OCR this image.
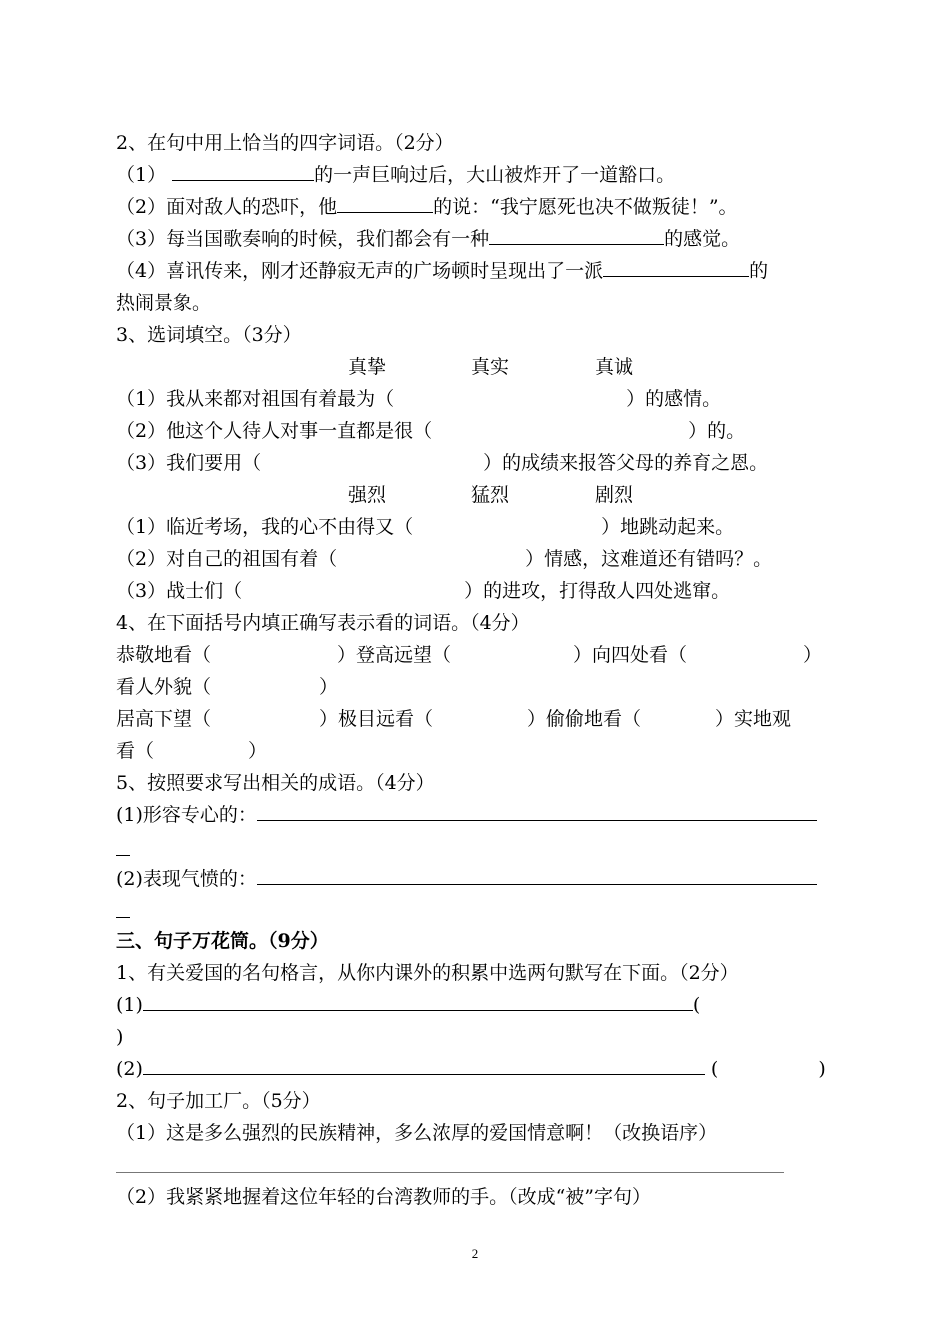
2、在句中用上恰当的四字词语。（2分）
（1）	的一声巨响过后，大山被炸开了一道豁口。
（2）面对敌人的恐吓，他	的说：“我宁愿死也决不做叛徒！”。
（3）每当国歌奏响的时候，我们都会有一种	的感觉。
（4）喜讯传来，刚才还静寂无声的广场顿时呈现出了一派	的
热闹景象。
3、选词填空。（3分）
真挚	真实	真诚
（1）我从来都对祖国有着最为（	）的感情。
（2）他这个人待人对事一直都是很（	）的。
（3）我们要用（	）的成绩来报答父母的养育之恩。
强烈	猛烈	剧烈
（1）临近考场，我的心不由得又（	）地跳动起来。
（2）对自己的祖国有着（	）情感，这难道还有错吗？。
（3）战士们（	）的进攻，打得敌人四处逃窜。
4、在下面括号内填正确写表示看的词语。（4分）
恭敬地看（	）登高远望（	）向四处看（	）
看人外貌（	）
居高下望（	）极目远看（	）偷偷地看（	）实地观
看（	）
5、按照要求写出相关的成语。（4分）
(1)形容专心的：
(2)表现气愤的：
三、句子万花筒。（9分）
1、有关爱国的名句格言，从你内课外的积累中选两句默写在下面。（2分）
(1)	(
)
(2)	(	)
2、句子加工厂。（5分）
（1）这是多么强烈的民族精神，多么浓厚的爱国情意啊！（改换语序）
（2）我紧紧地握着这位年轻的台湾教师的手。（改成“被”字句）
2
